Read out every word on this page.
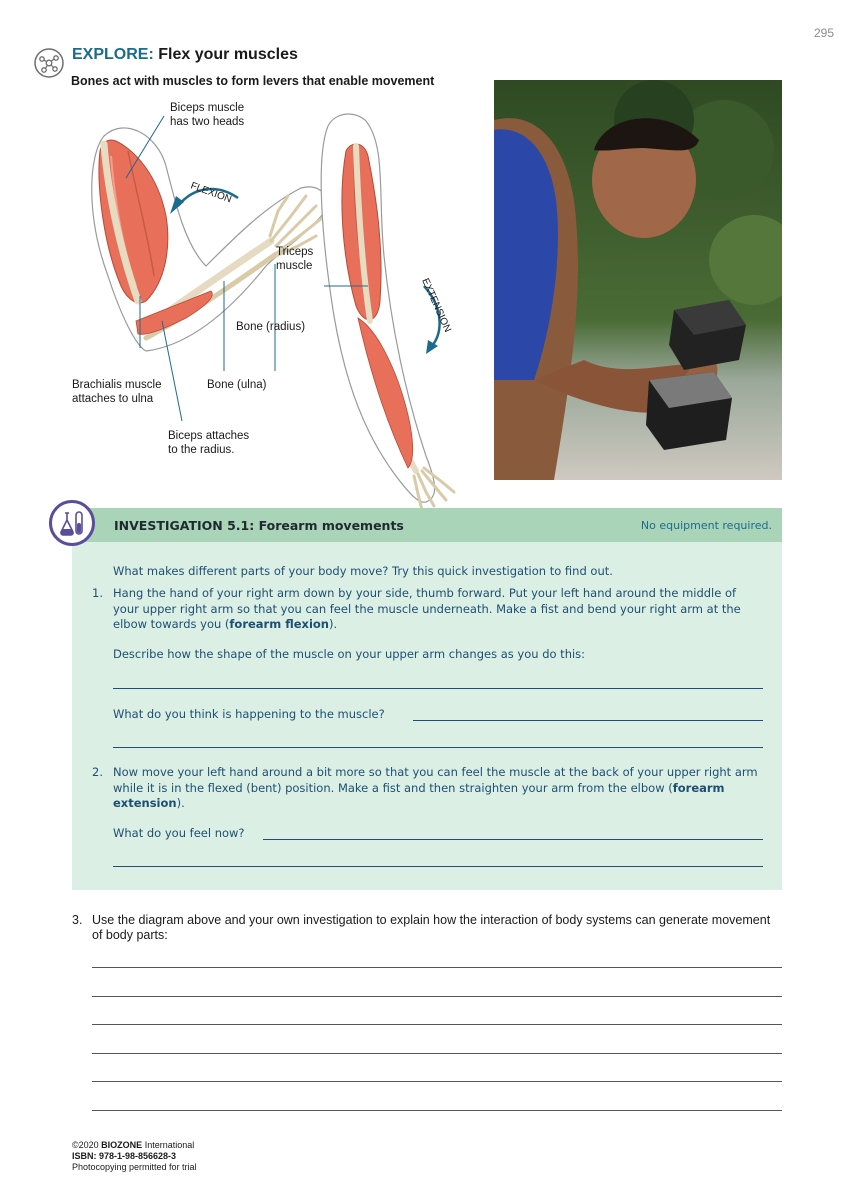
295
EXPLORE: Flex your muscles
Bones act with muscles to form levers that enable movement
FLEXION
EXTENSION
Biceps muscle
has two heads
Triceps
muscle
Bone (radius)
Bone (ulna)
Brachialis muscle
attaches to ulna
Biceps attaches
to the radius.
INVESTIGATION 5.1: Forearm movements	No equipment required.
What makes different parts of your body move? Try this quick investigation to find out.
1. Hang the hand of your right arm down by your side, thumb forward. Put your left hand around the middle of your upper right arm so that you can feel the muscle underneath. Make a fist and bend your right arm at the elbow towards you (forearm flexion).
Describe how the shape of the muscle on your upper arm changes as you do this:
What do you think is happening to the muscle?
2. Now move your left hand around a bit more so that you can feel the muscle at the back of your upper right arm while it is in the flexed (bent) position. Make a fist and then straighten your arm from the elbow (forearm extension).
What do you feel now?
3. Use the diagram above and your own investigation to explain how the interaction of body systems can generate movement of body parts:
©2020 BIOZONE International
ISBN: 978-1-98-856628-3
Photocopying permitted for trial
